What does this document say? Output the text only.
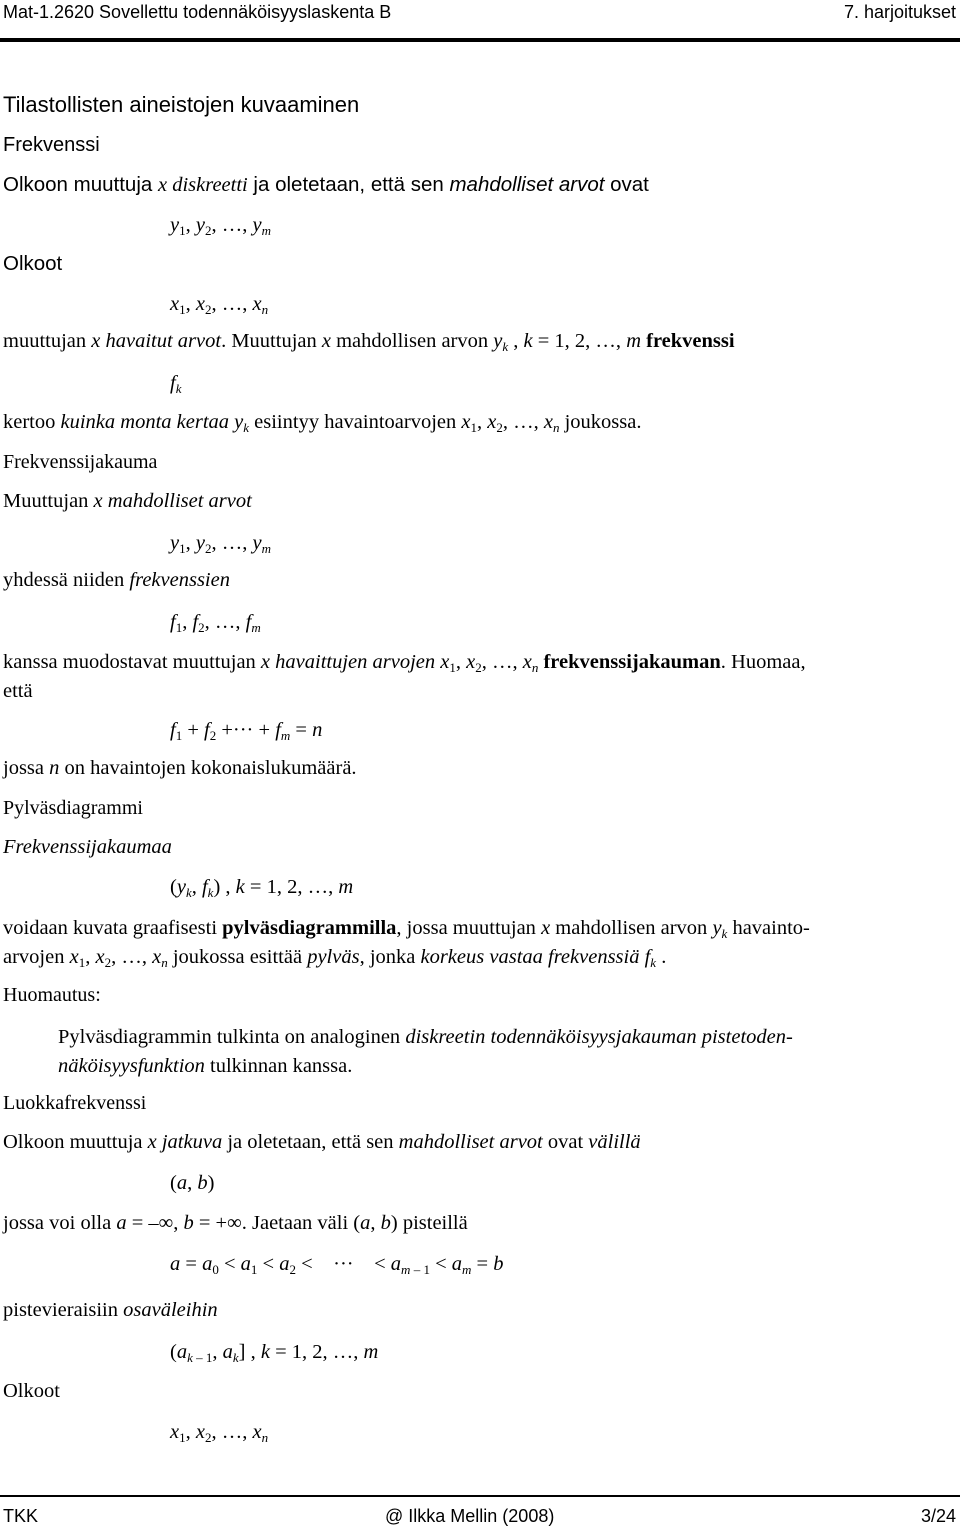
Mat-1.2620 Sovellettu todennäköisyyslaskenta B	7. harjoitukset
Tilastollisten aineistojen kuvaaminen
Frekvenssi
Olkoon muuttuja x diskreetti ja oletetaan, että sen mahdolliset arvot ovat
$y_1$, $y_2$, …, $y_m$
Olkoot
$x_1$, $x_2$, …, $x_n$
muuttujan x havaitut arvot. Muuttujan x mahdollisen arvon $y_k$ , k = 1, 2, …, m frekvenssi
$f_k$
kertoo kuinka monta kertaa $y_k$ esiintyy havaintoarvojen $x_1$, $x_2$, …, $x_n$ joukossa.
Frekvenssijakauma
Muuttujan x mahdolliset arvot
$y_1$, $y_2$, …, $y_m$
yhdessä niiden frekvenssien
$f_1$, $f_2$, …, $f_m$
kanssa muodostavat muuttujan x havaittujen arvojen $x_1$, $x_2$, …, $x_n$ frekvenssijakauman. Huomaa,
että
$f_1 + f_2$ +··· + $f_m = n$
jossa n on havaintojen kokonaislukumäärä.
Pylväsdiagrammi
Frekvenssijakaumaa
($y_k$, $f_k$) , k = 1, 2, …, m
voidaan kuvata graafisesti pylväsdiagrammilla, jossa muuttujan x mahdollisen arvon $y_k$ havainto-
arvojen $x_1$, $x_2$, …, $x_n$ joukossa esittää pylväs, jonka korkeus vastaa frekvenssiä $f_k$ .
Huomautus:
Pylväsdiagrammin tulkinta on analoginen diskreetin todennäköisyysjakauman pistetoden-
näköisyysfunktion tulkinnan kanssa.
Luokkafrekvenssi
Olkoon muuttuja x jatkuva ja oletetaan, että sen mahdolliset arvot ovat välillä
(a, b)
jossa voi olla a = –∞, b = +∞. Jaetaan väli (a, b) pisteillä
$a = a_0 < a_1 < a_2$ <    ···    < $a_{m - 1} < a_m = b$
pistevieraisiin osaväleihin
($a_{k - 1}$, $a_k$] , k = 1, 2, …, m
Olkoot
$x_1$, $x_2$, …, $x_n$
TKK	@ Ilkka Mellin (2008)	3/24
